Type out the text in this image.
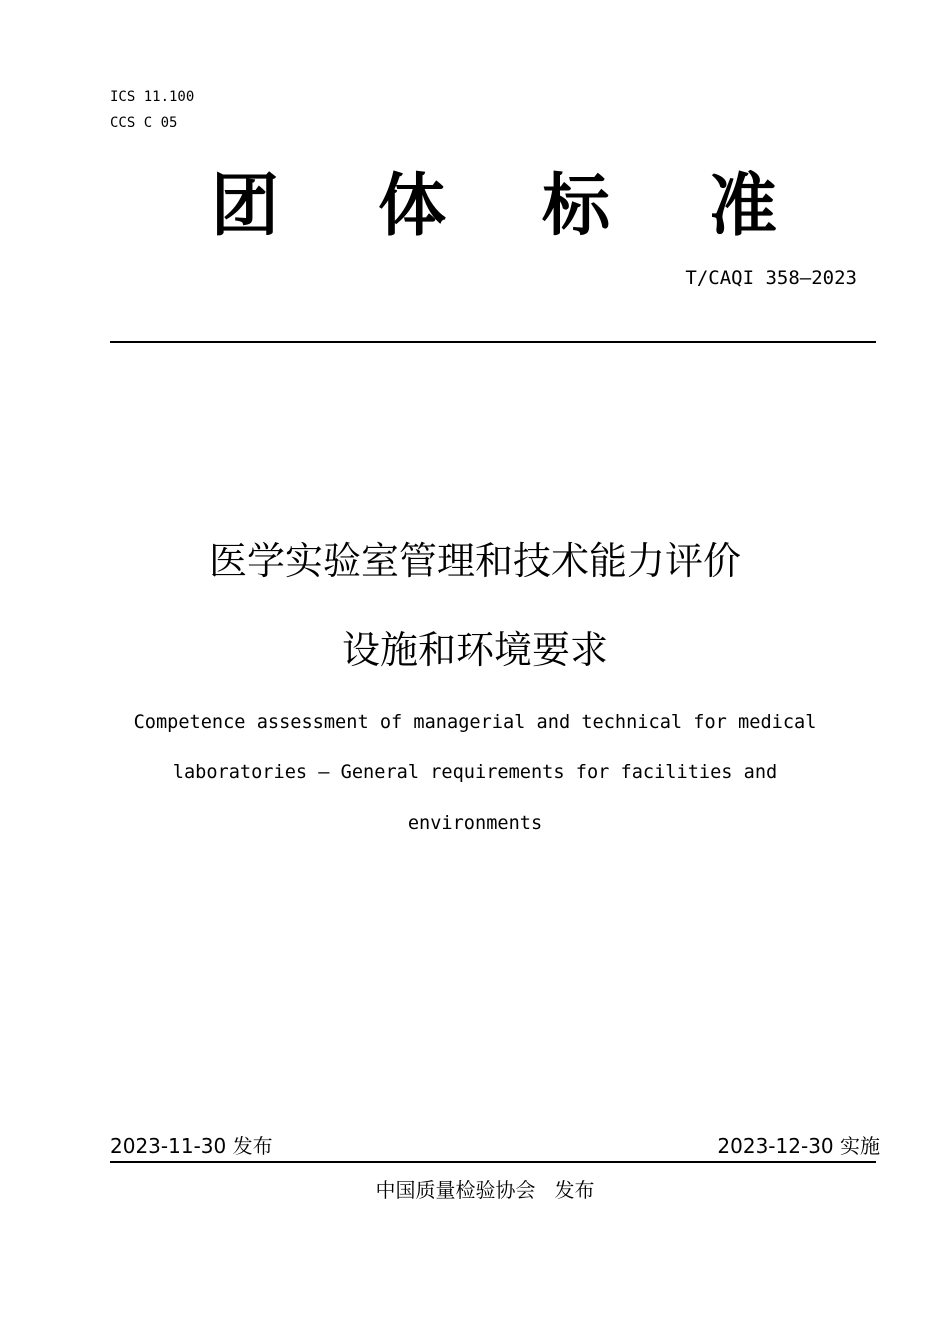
ICS 11.100
CCS C 05
团 体 标 准
T/CAQI 358—2023
医学实验室管理和技术能力评价
设施和环境要求
Competence assessment of managerial and technical for medical
laboratories — General requirements for facilities and
environments
2023-11-30 发布	2023-12-30 实施
中国质量检验协会   发布
